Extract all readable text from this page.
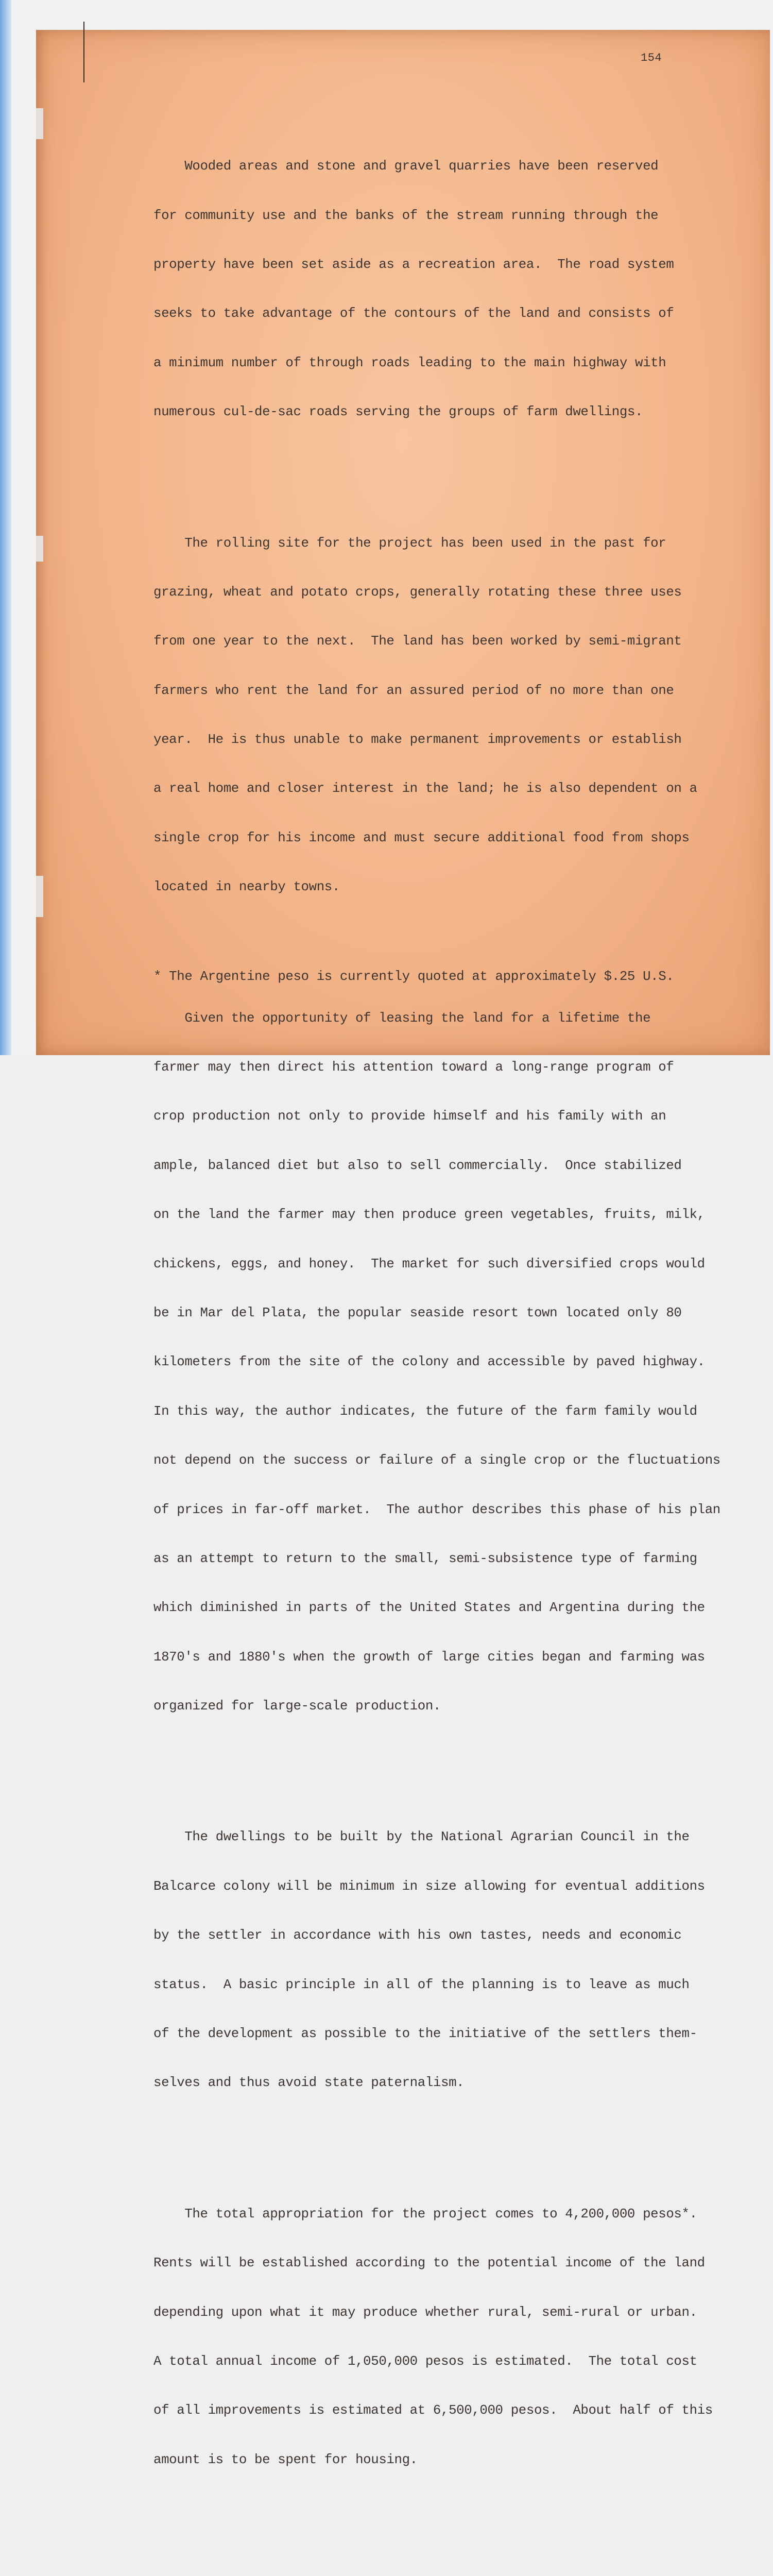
154

Wooded areas and stone and gravel quarries have been reserved

for community use and the banks of the stream running through the

property have been set aside as a recreation area.  The road system

seeks to take advantage of the contours of the land and consists of

a minimum number of through roads leading to the main highway with

numerous cul-de-sac roads serving the groups of farm dwellings.

The rolling site for the project has been used in the past for

grazing, wheat and potato crops, generally rotating these three uses

from one year to the next.  The land has been worked by semi-migrant

farmers who rent the land for an assured period of no more than one

year.  He is thus unable to make permanent improvements or establish

a real home and closer interest in the land; he is also dependent on a

single crop for his income and must secure additional food from shops

located in nearby towns.

Given the opportunity of leasing the land for a lifetime the

farmer may then direct his attention toward a long-range program of

crop production not only to provide himself and his family with an

ample, balanced diet but also to sell commercially.  Once stabilized

on the land the farmer may then produce green vegetables, fruits, milk,

chickens, eggs, and honey.  The market for such diversified crops would

be in Mar del Plata, the popular seaside resort town located only 80

kilometers from the site of the colony and accessible by paved highway.

In this way, the author indicates, the future of the farm family would

not depend on the success or failure of a single crop or the fluctuations

of prices in far-off market.  The author describes this phase of his plan

as an attempt to return to the small, semi-subsistence type of farming

which diminished in parts of the United States and Argentina during the

1870's and 1880's when the growth of large cities began and farming was

organized for large-scale production.

The dwellings to be built by the National Agrarian Council in the

Balcarce colony will be minimum in size allowing for eventual additions

by the settler in accordance with his own tastes, needs and economic

status.  A basic principle in all of the planning is to leave as much

of the development as possible to the initiative of the settlers them-

selves and thus avoid state paternalism.

The total appropriation for the project comes to 4,200,000 pesos*.

Rents will be established according to the potential income of the land

depending upon what it may produce whether rural, semi-rural or urban.

A total annual income of 1,050,000 pesos is estimated.  The total cost

of all improvements is estimated at 6,500,000 pesos.  About half of this

amount is to be spent for housing.

* The Argentine peso is currently quoted at approximately $.25 U.S.
